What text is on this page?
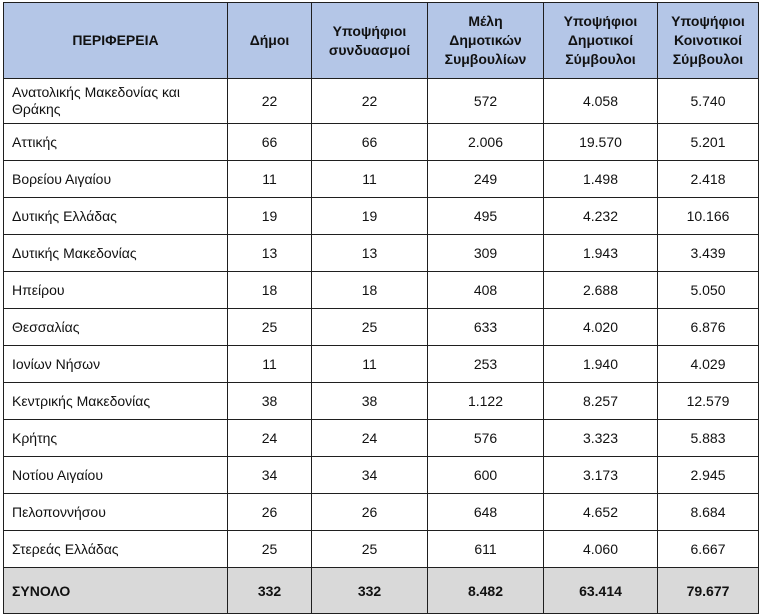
ΠΕΡΙΦΕΡΕΙΑ	Δήμοι	Υποψήφιοι συνδυασμοί	Μέλη Δημοτικών Συμβουλίων	Υποψήφιοι Δημοτικοί Σύμβουλοι	Υποψήφιοι Κοινοτικοί Σύμβουλοι
Ανατολικής Μακεδονίας και Θράκης	22	22	572	4.058	5.740
Αττικής	66	66	2.006	19.570	5.201
Βορείου Αιγαίου	11	11	249	1.498	2.418
Δυτικής Ελλάδας	19	19	495	4.232	10.166
Δυτικής Μακεδονίας	13	13	309	1.943	3.439
Ηπείρου	18	18	408	2.688	5.050
Θεσσαλίας	25	25	633	4.020	6.876
Ιονίων Νήσων	11	11	253	1.940	4.029
Κεντρικής Μακεδονίας	38	38	1.122	8.257	12.579
Κρήτης	24	24	576	3.323	5.883
Νοτίου Αιγαίου	34	34	600	3.173	2.945
Πελοποννήσου	26	26	648	4.652	8.684
Στερεάς Ελλάδας	25	25	611	4.060	6.667
ΣΥΝΟΛΟ	332	332	8.482	63.414	79.677
